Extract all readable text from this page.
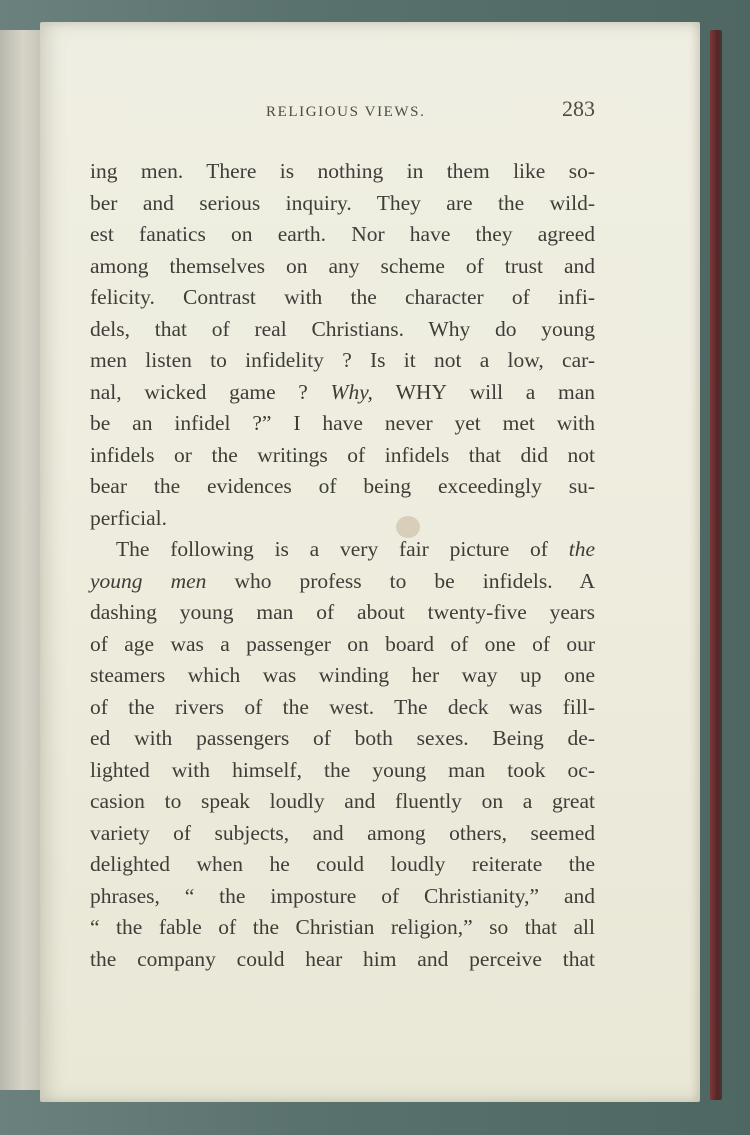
RELIGIOUS VIEWS.	283
ing men. There is nothing in them like so-
ber and serious inquiry. They are the wild-
est fanatics on earth. Nor have they agreed
among themselves on any scheme of trust and
felicity. Contrast with the character of infi-
dels, that of real Christians. Why do young
men listen to infidelity ? Is it not a low, car-
nal, wicked game ? Why, WHY will a man
be an infidel ?” I have never yet met with
infidels or the writings of infidels that did not
bear the evidences of being exceedingly su-
perficial.
The following is a very fair picture of the
young men who profess to be infidels. A
dashing young man of about twenty-five years
of age was a passenger on board of one of our
steamers which was winding her way up one
of the rivers of the west. The deck was fill-
ed with passengers of both sexes. Being de-
lighted with himself, the young man took oc-
casion to speak loudly and fluently on a great
variety of subjects, and among others, seemed
delighted when he could loudly reiterate the
phrases, “ the imposture of Christianity,” and
“ the fable of the Christian religion,” so that all
the company could hear him and perceive that
